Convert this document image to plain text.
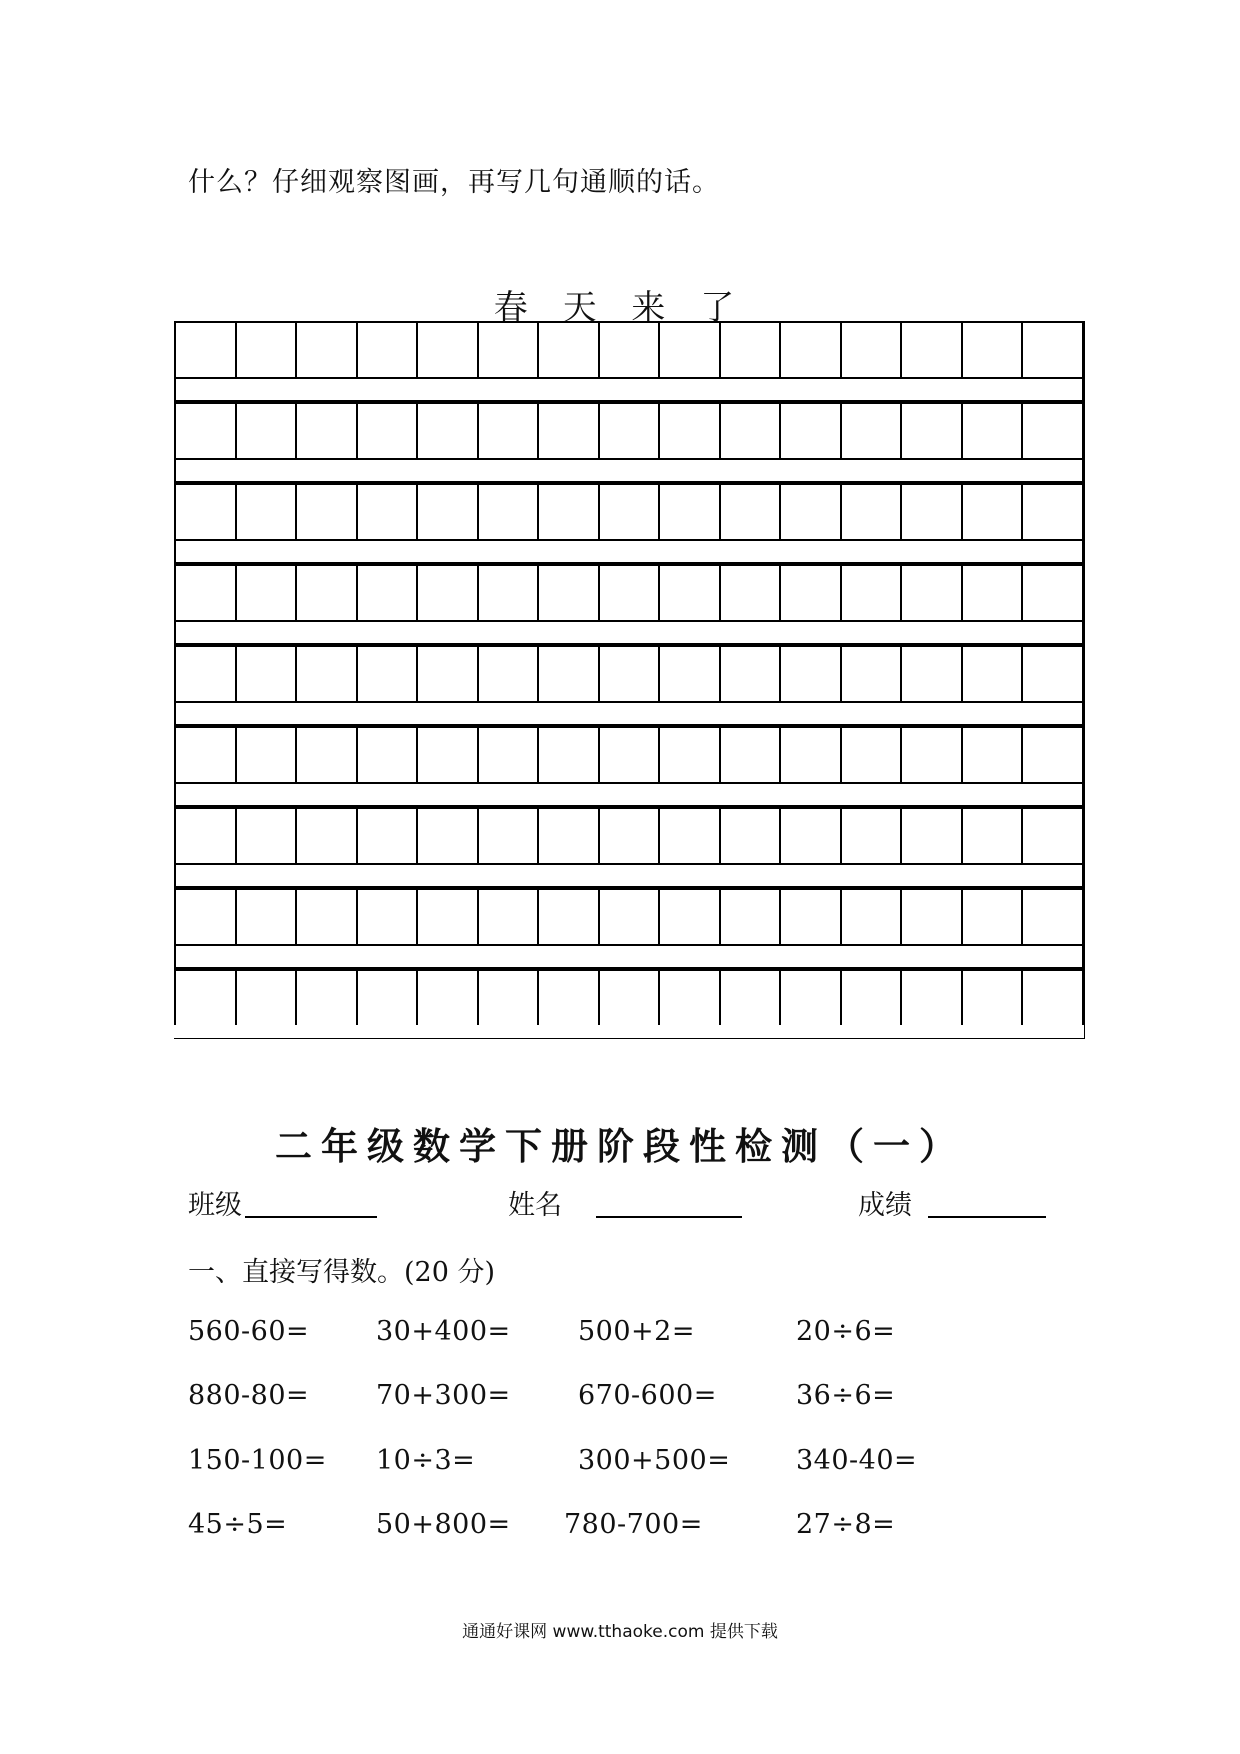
什么？仔细观察图画，再写几句通顺的话。
春 天 来 了
二年级数学下册阶段性检测（一）
班级	姓名	成绩
一、直接写得数。(20 分)
560-60= 30+400= 500+2=	20÷6=
880-80= 70+300= 670-600=	36÷6=
150-100= 10÷3=	300+500= 340-40=
45÷5=	50+800= 780-700=	27÷8=
通通好课网 www.tthaoke.com 提供下载
